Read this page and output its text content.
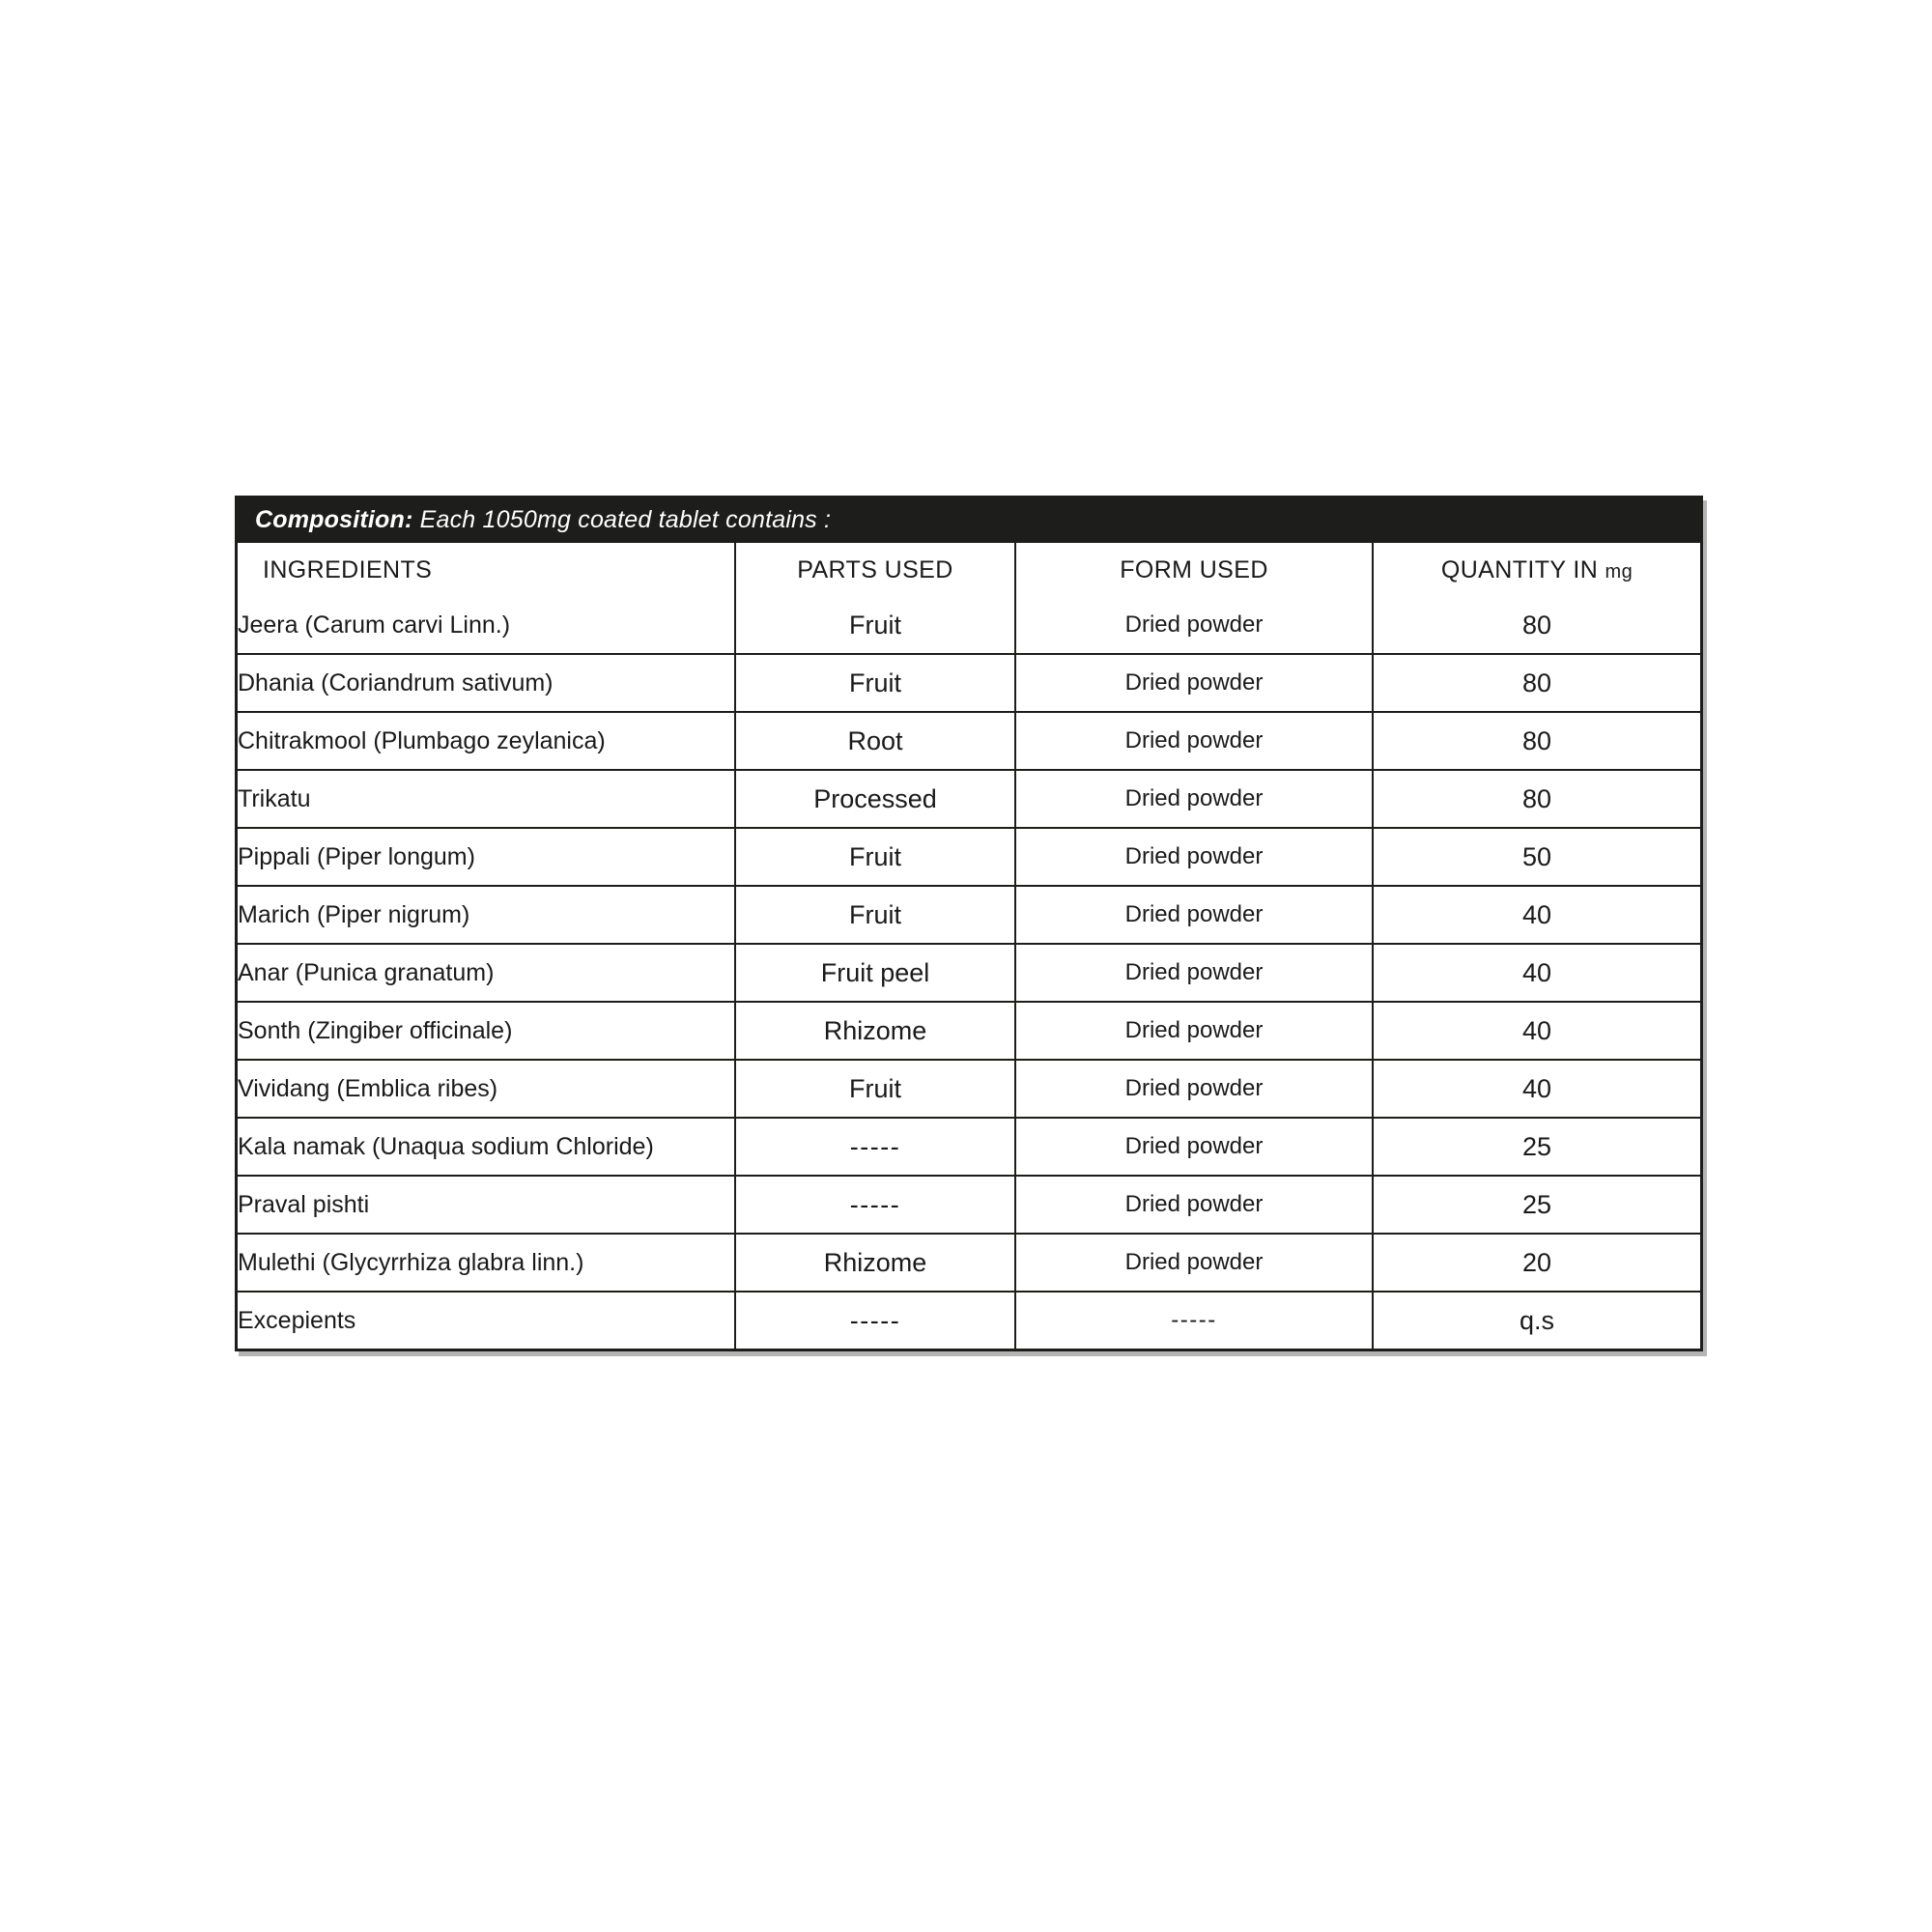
Composition: Each 1050mg coated tablet contains :
INGREDIENTS	PARTS USED	FORM USED	QUANTITY IN mg
Jeera (Carum carvi Linn.)	Fruit	Dried powder	80
Dhania (Coriandrum sativum)	Fruit	Dried powder	80
Chitrakmool (Plumbago zeylanica)	Root	Dried powder	80
Trikatu	Processed	Dried powder	80
Pippali (Piper longum)	Fruit	Dried powder	50
Marich (Piper nigrum)	Fruit	Dried powder	40
Anar (Punica granatum)	Fruit peel	Dried powder	40
Sonth (Zingiber officinale)	Rhizome	Dried powder	40
Vividang (Emblica ribes)	Fruit	Dried powder	40
Kala namak (Unaqua sodium Chloride)	-----	Dried powder	25
Praval pishti	-----	Dried powder	25
Mulethi (Glycyrrhiza glabra linn.)	Rhizome	Dried powder	20
Excepients	-----	-----	q.s
